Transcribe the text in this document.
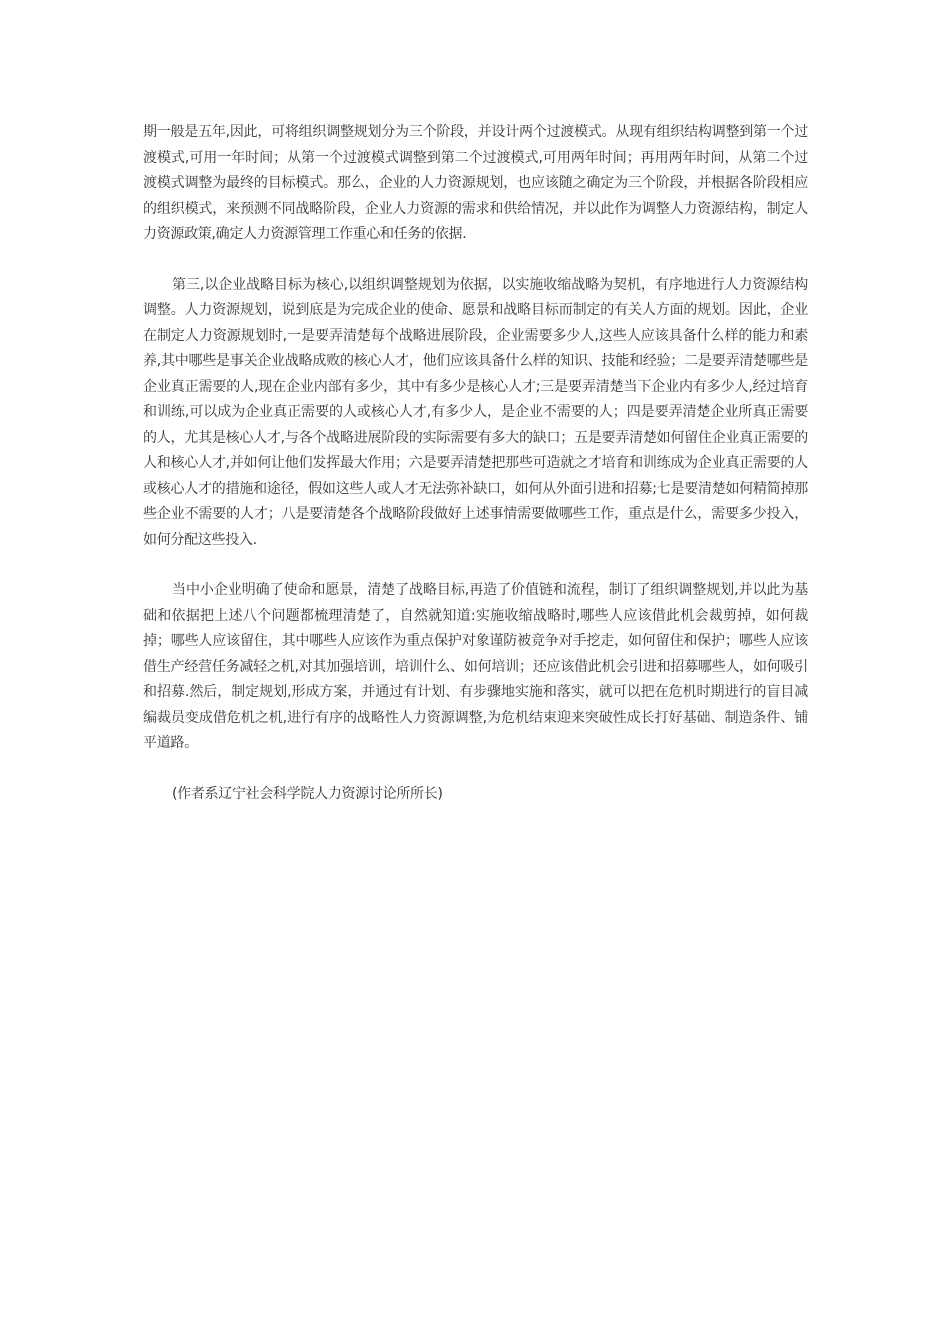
期一般是五年,因此，可将组织调整规划分为三个阶段，并设计两个过渡模式。从现有组织结构调整到第一个过渡模式,可用一年时间；从第一个过渡模式调整到第二个过渡模式,可用两年时间；再用两年时间，从第二个过渡模式调整为最终的目标模式。那么，企业的人力资源规划，也应该随之确定为三个阶段，并根据各阶段相应的组织模式，来预测不同战略阶段，企业人力资源的需求和供给情况，并以此作为调整人力资源结构，制定人力资源政策,确定人力资源管理工作重心和任务的依据.

第三,以企业战略目标为核心,以组织调整规划为依据，以实施收缩战略为契机，有序地进行人力资源结构调整。人力资源规划，说到底是为完成企业的使命、愿景和战略目标而制定的有关人方面的规划。因此，企业在制定人力资源规划时,一是要弄清楚每个战略进展阶段，企业需要多少人,这些人应该具备什么样的能力和素养,其中哪些是事关企业战略成败的核心人才，他们应该具备什么样的知识、技能和经验；二是要弄清楚哪些是企业真正需要的人,现在企业内部有多少，其中有多少是核心人才;三是要弄清楚当下企业内有多少人,经过培育和训练,可以成为企业真正需要的人或核心人才,有多少人，是企业不需要的人；四是要弄清楚企业所真正需要的人，尤其是核心人才,与各个战略进展阶段的实际需要有多大的缺口；五是要弄清楚如何留住企业真正需要的人和核心人才,并如何让他们发挥最大作用；六是要弄清楚把那些可造就之才培育和训练成为企业真正需要的人或核心人才的措施和途径，假如这些人或人才无法弥补缺口，如何从外面引进和招募;七是要清楚如何精简掉那些企业不需要的人才；八是要清楚各个战略阶段做好上述事情需要做哪些工作，重点是什么，需要多少投入，如何分配这些投入.

当中小企业明确了使命和愿景，清楚了战略目标,再造了价值链和流程，制订了组织调整规划,并以此为基础和依据把上述八个问题都梳理清楚了，自然就知道:实施收缩战略时,哪些人应该借此机会裁剪掉，如何裁掉；哪些人应该留住，其中哪些人应该作为重点保护对象谨防被竞争对手挖走，如何留住和保护；哪些人应该借生产经营任务减轻之机,对其加强培训，培训什么、如何培训；还应该借此机会引进和招募哪些人，如何吸引和招募.然后，制定规划,形成方案，并通过有计划、有步骤地实施和落实，就可以把在危机时期进行的盲目减编裁员变成借危机之机,进行有序的战略性人力资源调整,为危机结束迎来突破性成长打好基础、制造条件、铺平道路。

(作者系辽宁社会科学院人力资源讨论所所长)
